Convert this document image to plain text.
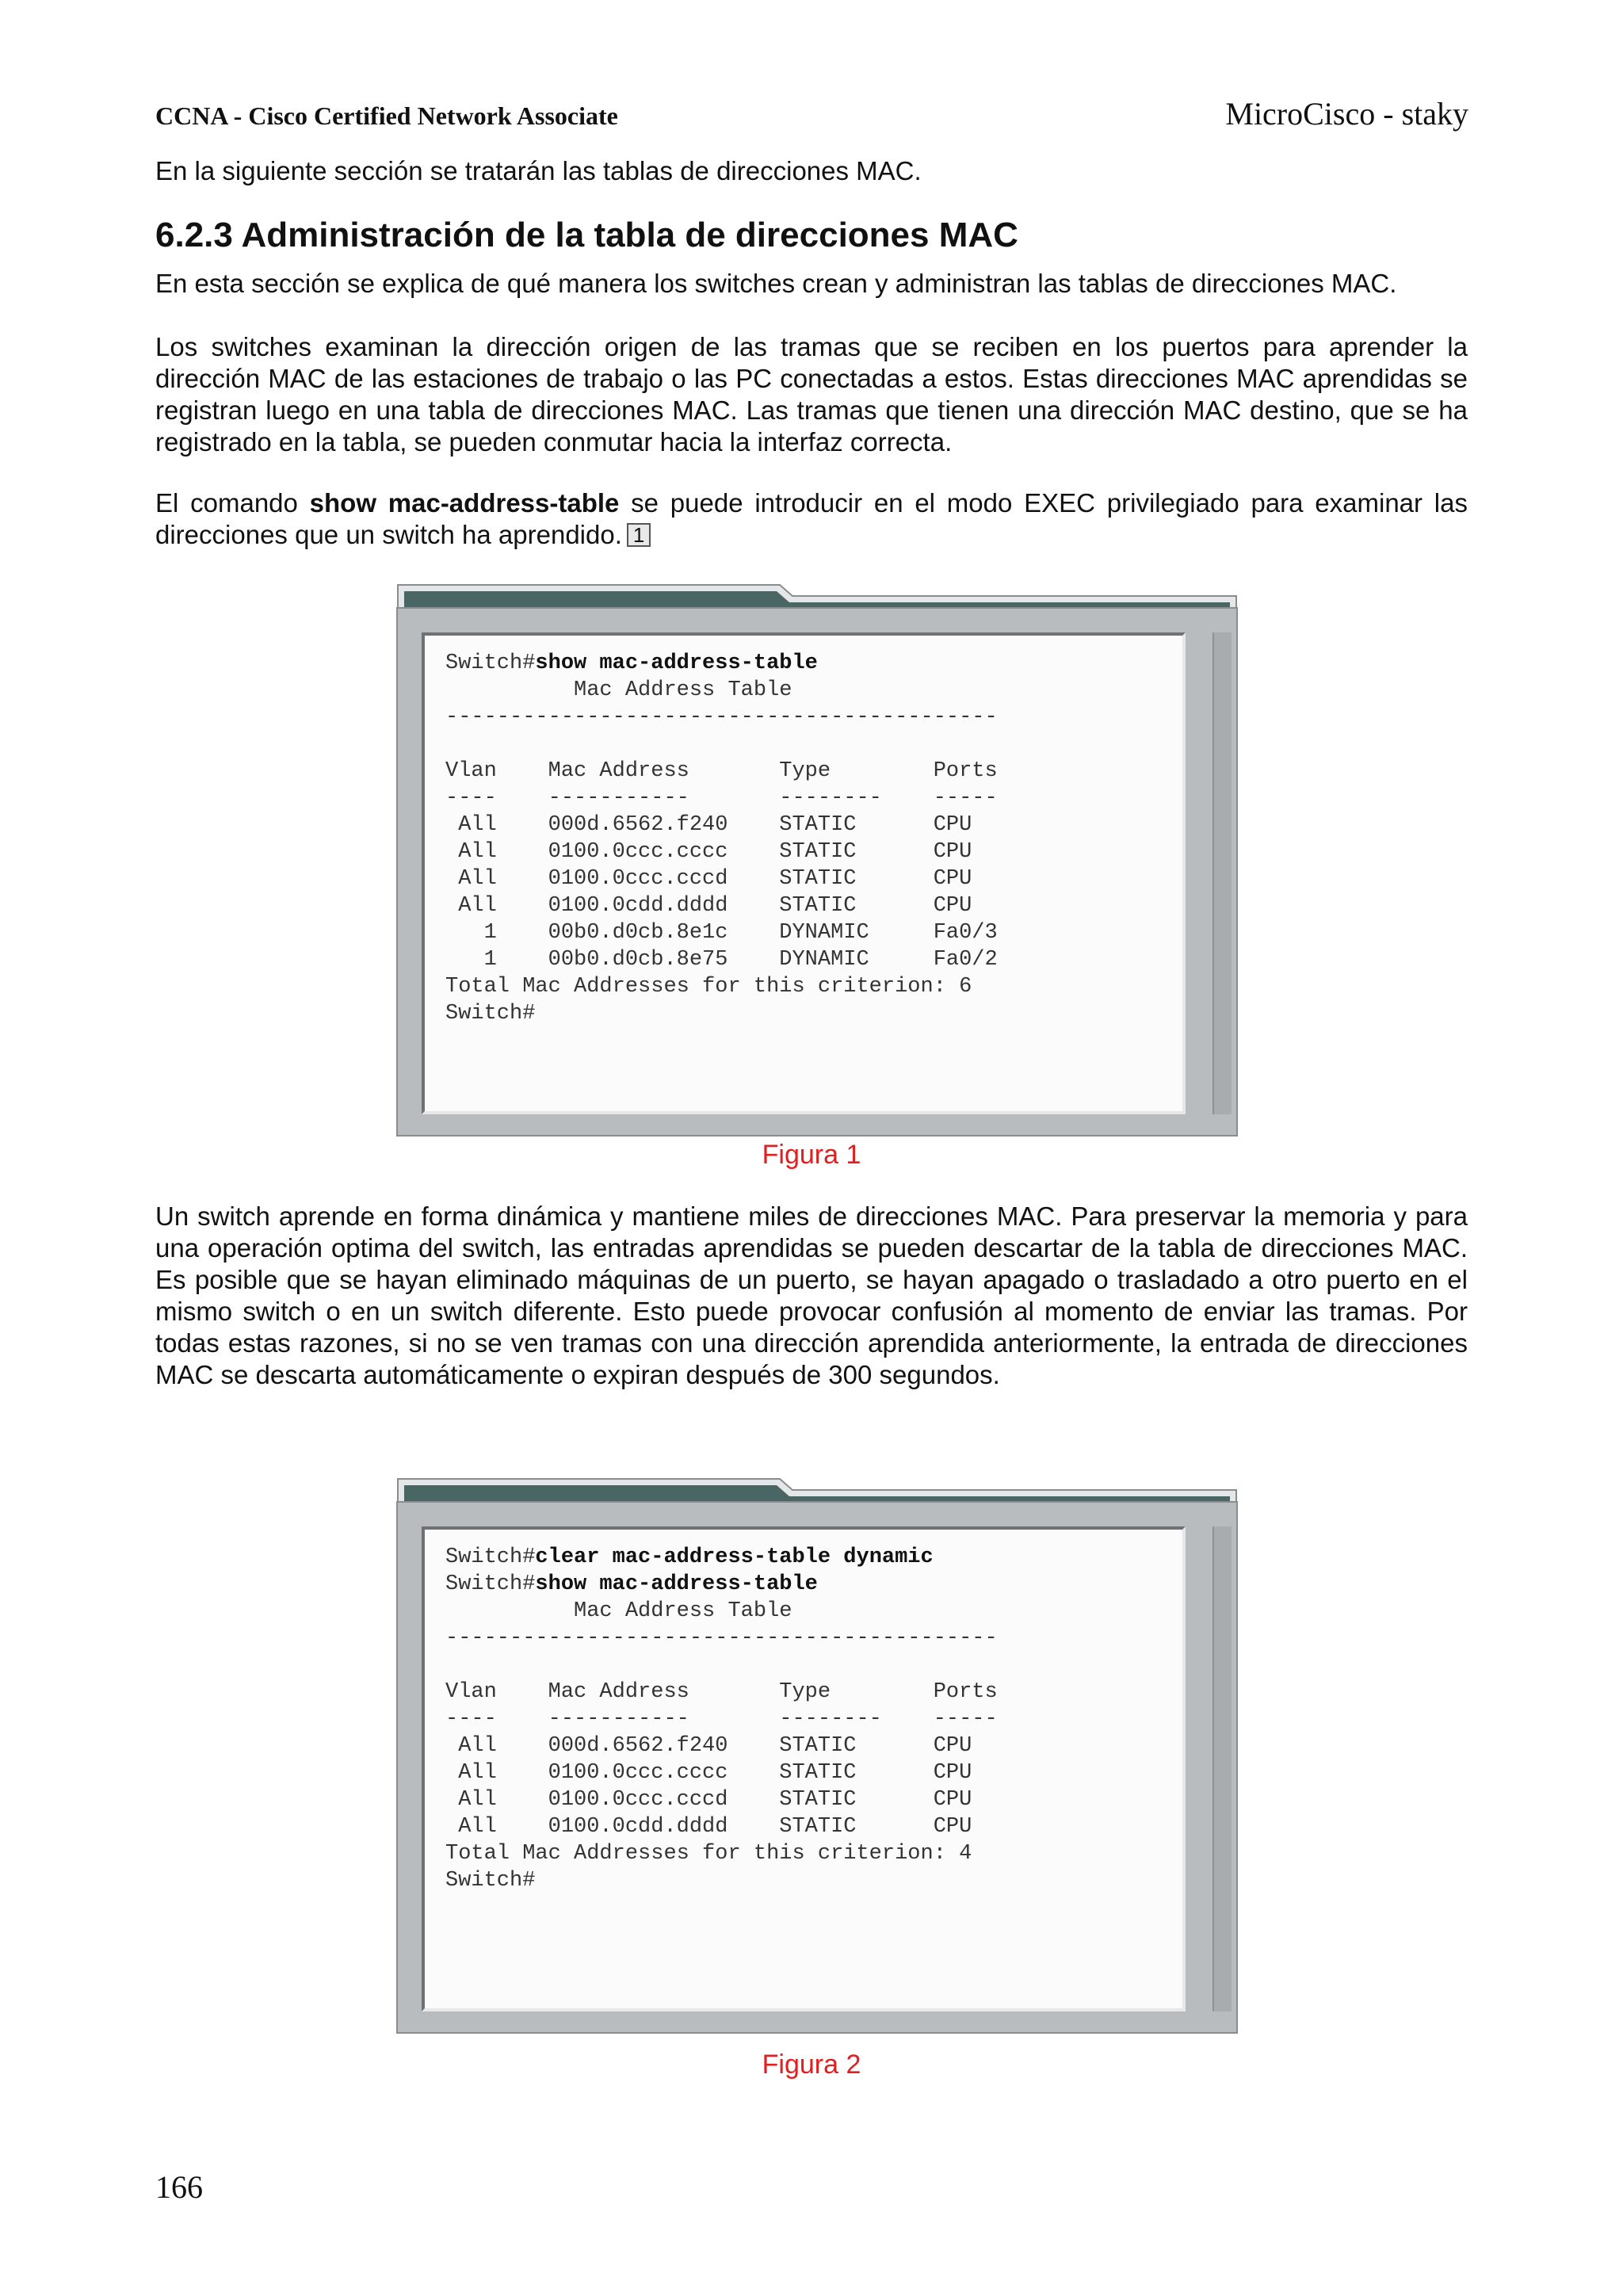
CCNA - Cisco Certified Network Associate	MicroCisco - staky
En la siguiente sección se tratarán las tablas de direcciones MAC.
6.2.3 Administración de la tabla de direcciones MAC
En esta sección se explica de qué manera los switches crean y administran las tablas de direcciones MAC.
Los switches examinan la dirección origen de las tramas que se reciben en los puertos para aprender la dirección MAC de las estaciones de trabajo o las PC conectadas a estos. Estas direcciones MAC aprendidas se registran luego en una tabla de direcciones MAC. Las tramas que tienen una dirección MAC destino, que se ha registrado en la tabla, se pueden conmutar hacia la interfaz correcta.
El comando show mac-address-table se puede introducir en el modo EXEC privilegiado para examinar las direcciones que un switch ha aprendido. 1
Switch#show mac-address-table
Mac Address Table
-------------------------------------------

Vlan    Mac Address       Type        Ports
----    -----------       --------    -----
All    000d.6562.f240    STATIC      CPU
All    0100.0ccc.cccc    STATIC      CPU
All    0100.0ccc.cccd    STATIC      CPU
All    0100.0cdd.dddd    STATIC      CPU
1    00b0.d0cb.8e1c    DYNAMIC     Fa0/3
1    00b0.d0cb.8e75    DYNAMIC     Fa0/2
Total Mac Addresses for this criterion: 6
Switch#
Figura 1
Un switch aprende en forma dinámica y mantiene miles de direcciones MAC. Para preservar la memoria y para una operación optima del switch, las entradas aprendidas se pueden descartar de la tabla de direcciones MAC. Es posible que se hayan eliminado máquinas de un puerto, se hayan apagado o trasladado a otro puerto en el mismo switch o en un switch diferente. Esto puede provocar confusión al momento de enviar las tramas. Por todas estas razones, si no se ven tramas con una dirección aprendida anteriormente, la entrada de direcciones MAC se descarta automáticamente o expiran después de 300 segundos.
Switch#clear mac-address-table dynamic
Switch#show mac-address-table
Mac Address Table
-------------------------------------------

Vlan    Mac Address       Type        Ports
----    -----------       --------    -----
All    000d.6562.f240    STATIC      CPU
All    0100.0ccc.cccc    STATIC      CPU
All    0100.0ccc.cccd    STATIC      CPU
All    0100.0cdd.dddd    STATIC      CPU
Total Mac Addresses for this criterion: 4
Switch#
Figura 2
166
